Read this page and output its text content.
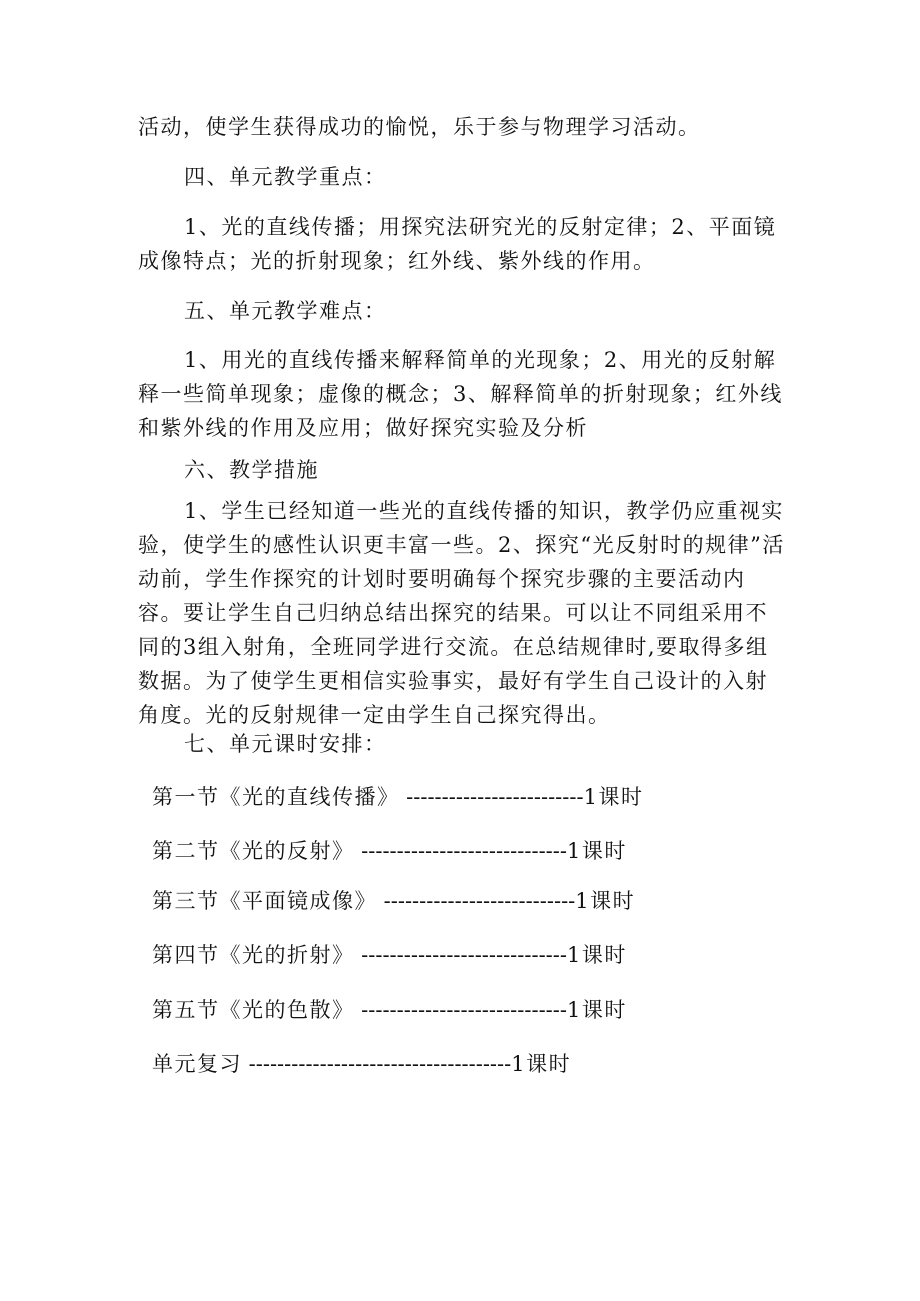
活动，使学生获得成功的愉悦，乐于参与物理学习活动。

四、单元教学重点：

1、光的直线传播；用探究法研究光的反射定律；2、平面镜成像特点；光的折射现象；红外线、紫外线的作用。

五、单元教学难点：

1、用光的直线传播来解释简单的光现象；2、用光的反射解释一些简单现象；虚像的概念；3、解释简单的折射现象；红外线和紫外线的作用及应用；做好探究实验及分析

六、教学措施

1、学生已经知道一些光的直线传播的知识，教学仍应重视实验，使学生的感性认识更丰富一些。2、探究“光反射时的规律”活动前，学生作探究的计划时要明确每个探究步骤的主要活动内容。要让学生自己归纳总结出探究的结果。可以让不同组采用不同的3组入射角，全班同学进行交流。在总结规律时,要取得多组数据。为了使学生更相信实验事实，最好有学生自己设计的入射角度。光的反射规律一定由学生自己探究得出。

七、单元课时安排：

第一节《光的直线传播》 -------------------------1课时
第二节《光的反射》 -----------------------------1课时
第三节《平面镜成像》 ---------------------------1课时
第四节《光的折射》 -----------------------------1课时
第五节《光的色散》 -----------------------------1课时
单元复习 -------------------------------------1课时
